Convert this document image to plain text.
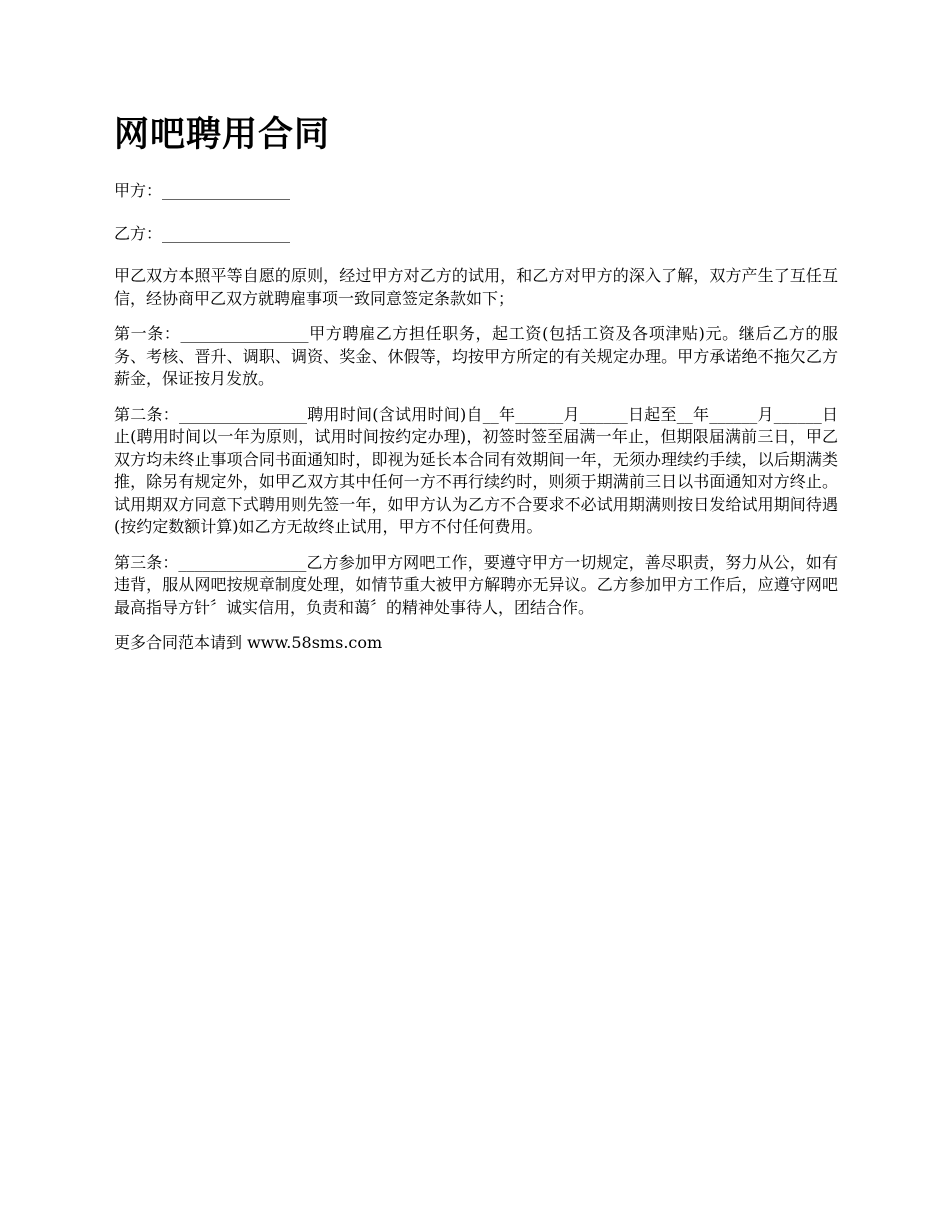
网吧聘用合同

甲方：________________

乙方：________________

甲乙双方本照平等自愿的原则，经过甲方对乙方的试用，和乙方对甲方的深入了解，双方产生了互任互信，经协商甲乙双方就聘雇事项一致同意签定条款如下；

第一条：________________甲方聘雇乙方担任职务，起工资(包括工资及各项津贴)元。继后乙方的服务、考核、晋升、调职、调资、奖金、休假等，均按甲方所定的有关规定办理。甲方承诺绝不拖欠乙方薪金，保证按月发放。

第二条：________________聘用时间(含试用时间)自__年______月______日起至__年______月______日止(聘用时间以一年为原则，试用时间按约定办理)，初签时签至届满一年止，但期限届满前三日，甲乙双方均未终止事项合同书面通知时，即视为延长本合同有效期间一年，无须办理续约手续，以后期满类推，除另有规定外，如甲乙双方其中任何一方不再行续约时，则须于期满前三日以书面通知对方终止。试用期双方同意下式聘用则先签一年，如甲方认为乙方不合要求不必试用期满则按日发给试用期间待遇(按约定数额计算)如乙方无故终止试用，甲方不付任何费用。

第三条：________________乙方参加甲方网吧工作，要遵守甲方一切规定，善尽职责，努力从公，如有违背，服从网吧按规章制度处理，如情节重大被甲方解聘亦无异议。乙方参加甲方工作后，应遵守网吧最高指导方针〞诚实信用，负责和蔼〞的精神处事待人，团结合作。

更多合同范本请到 www.58sms.com
